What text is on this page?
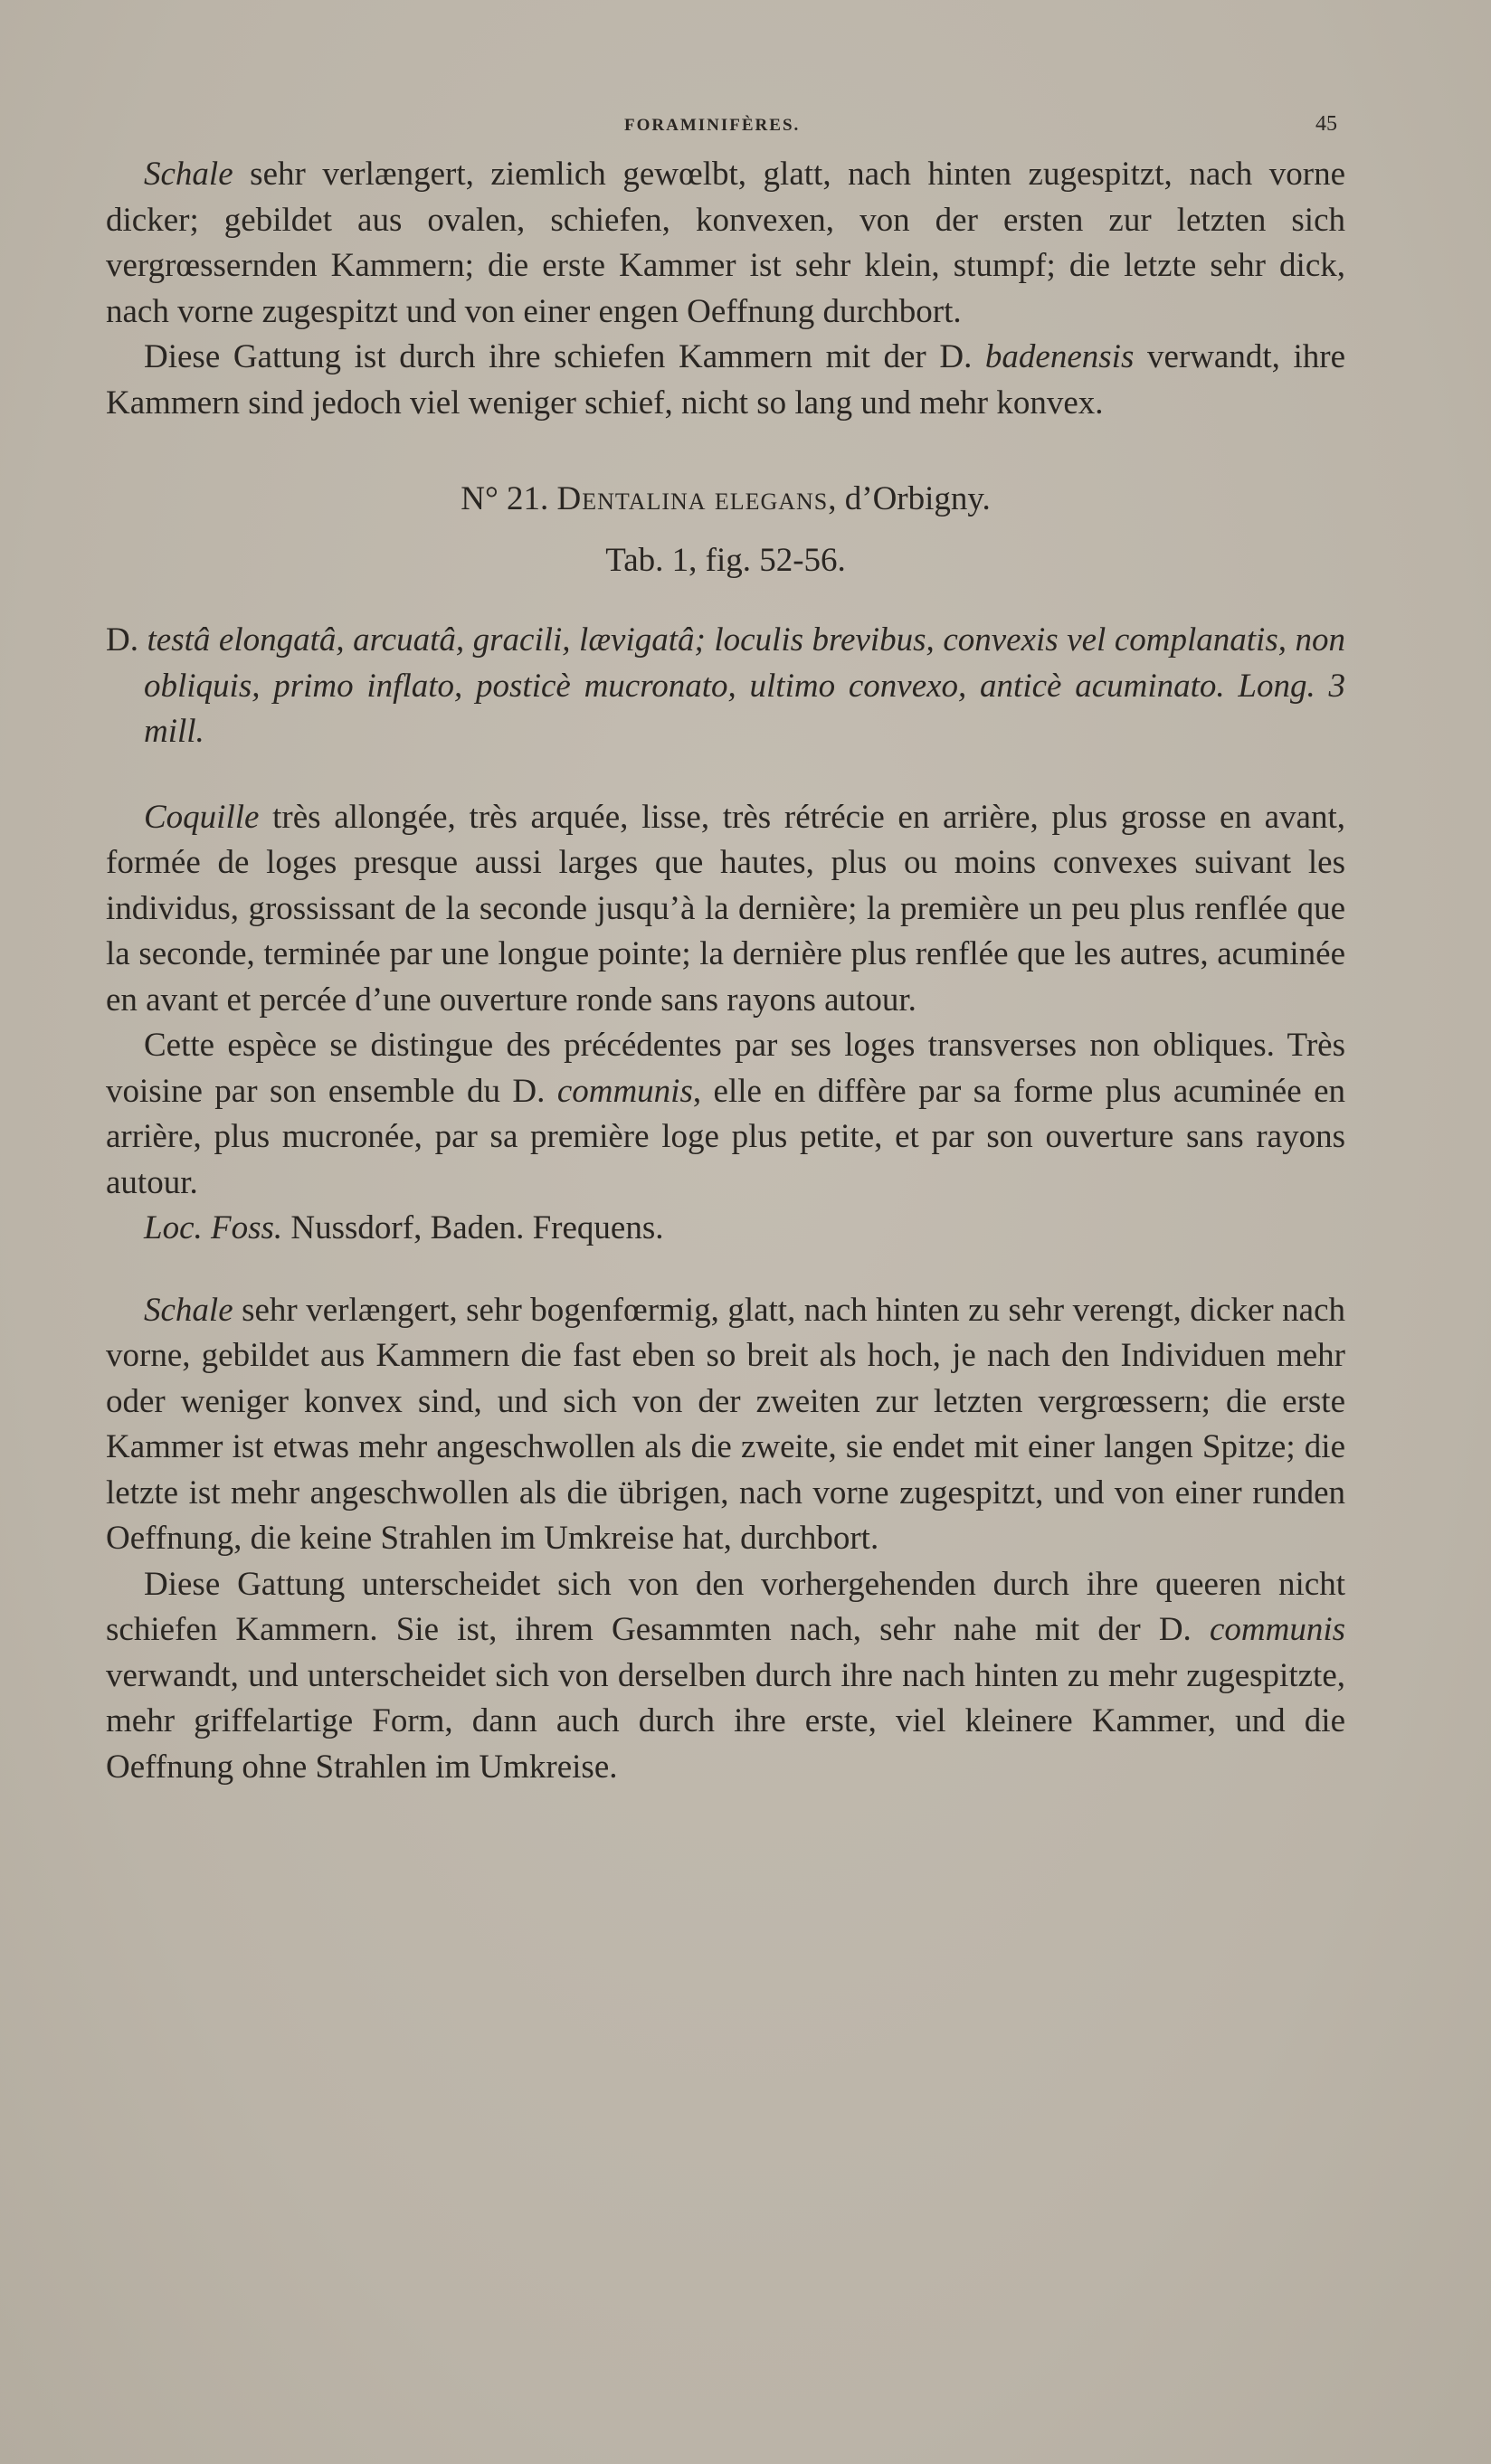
FORAMINIFÈRES.	45

Schale sehr verlængert, ziemlich gewœlbt, glatt, nach hinten zugespitzt, nach vorne dicker; gebildet aus ovalen, schiefen, konvexen, von der ersten zur letzten sich vergrœssernden Kammern; die erste Kammer ist sehr klein, stumpf; die letzte sehr dick, nach vorne zugespitzt und von einer engen Oeffnung durchbort.

Diese Gattung ist durch ihre schiefen Kammern mit der D. badenensis verwandt, ihre Kammern sind jedoch viel weniger schief, nicht so lang und mehr konvex.

N° 21. Dentalina elegans, d’Orbigny.

Tab. 1, fig. 52-56.

D. testâ elongatâ, arcuatâ, gracili, lævigatâ; loculis brevibus, convexis vel complanatis, non obliquis, primo inflato, posticè mucronato, ultimo convexo, anticè acuminato. Long. 3 mill.

Coquille très allongée, très arquée, lisse, très rétrécie en arrière, plus grosse en avant, formée de loges presque aussi larges que hautes, plus ou moins convexes suivant les individus, grossissant de la seconde jusqu’à la dernière; la première un peu plus renflée que la seconde, terminée par une longue pointe; la dernière plus renflée que les autres, acuminée en avant et percée d’une ouverture ronde sans rayons autour.

Cette espèce se distingue des précédentes par ses loges transverses non obliques. Très voisine par son ensemble du D. communis, elle en diffère par sa forme plus acuminée en arrière, plus mucronée, par sa première loge plus petite, et par son ouverture sans rayons autour.

Loc. Foss. Nussdorf, Baden. Frequens.

Schale sehr verlængert, sehr bogenfœrmig, glatt, nach hinten zu sehr verengt, dicker nach vorne, gebildet aus Kammern die fast eben so breit als hoch, je nach den Individuen mehr oder weniger konvex sind, und sich von der zweiten zur letzten vergrœssern; die erste Kammer ist etwas mehr angeschwollen als die zweite, sie endet mit einer langen Spitze; die letzte ist mehr angeschwollen als die übrigen, nach vorne zugespitzt, und von einer runden Oeffnung, die keine Strahlen im Umkreise hat, durchbort.

Diese Gattung unterscheidet sich von den vorhergehenden durch ihre queeren nicht schiefen Kammern. Sie ist, ihrem Gesammten nach, sehr nahe mit der D. communis verwandt, und unterscheidet sich von derselben durch ihre nach hinten zu mehr zugespitzte, mehr griffelartige Form, dann auch durch ihre erste, viel kleinere Kammer, und die Oeffnung ohne Strahlen im Umkreise.
